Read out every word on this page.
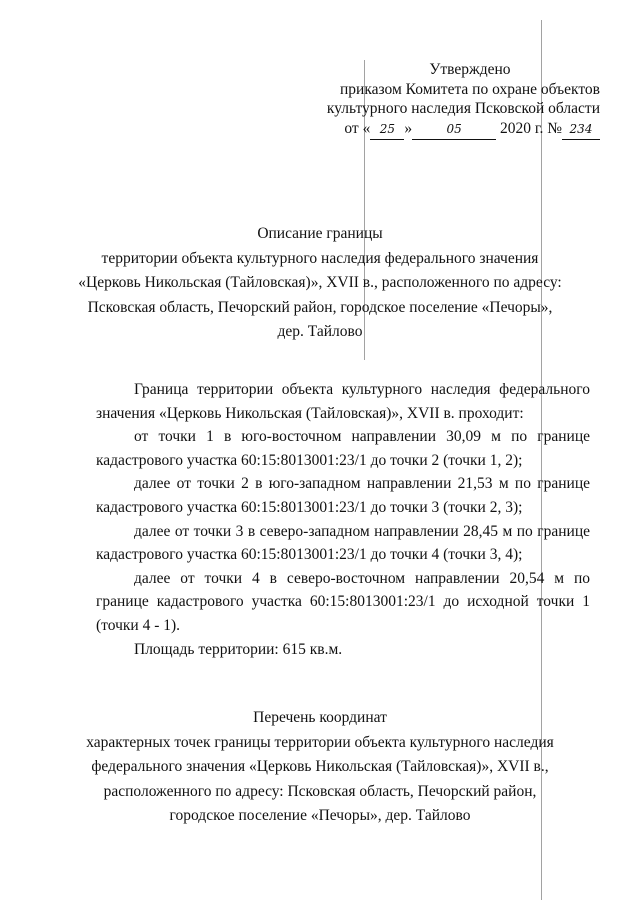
Утверждено
приказом Комитета по охране объектов
культурного наследия Псковской области
от « 25 »	05 2020 г. № 234
Описание границы
территории объекта культурного наследия федерального значения
«Церковь Никольская (Тайловская)», XVII в., расположенного по адресу:
Псковская область, Печорский район, городское поселение «Печоры»,
дер. Тайлово

Граница территории объекта культурного наследия федерального значения «Церковь Никольская (Тайловская)», XVII в. проходит:

от точки 1 в юго-восточном направлении 30,09 м по границе кадастрового участка 60:15:8013001:23/1 до точки 2 (точки 1, 2);

далее от точки 2 в юго-западном направлении 21,53 м по границе кадастрового участка 60:15:8013001:23/1 до точки 3 (точки 2, 3);

далее от точки 3 в северо-западном направлении 28,45 м по границе кадастрового участка 60:15:8013001:23/1 до точки 4 (точки 3, 4);

далее от точки 4 в северо-восточном направлении 20,54 м по границе кадастрового участка 60:15:8013001:23/1 до исходной точки 1 (точки 4 - 1).

Площадь территории: 615 кв.м.

Перечень координат
характерных точек границы территории объекта культурного наследия
федерального значения «Церковь Никольская (Тайловская)», XVII в.,
расположенного по адресу: Псковская область, Печорский район,
городское поселение «Печоры», дер. Тайлово
